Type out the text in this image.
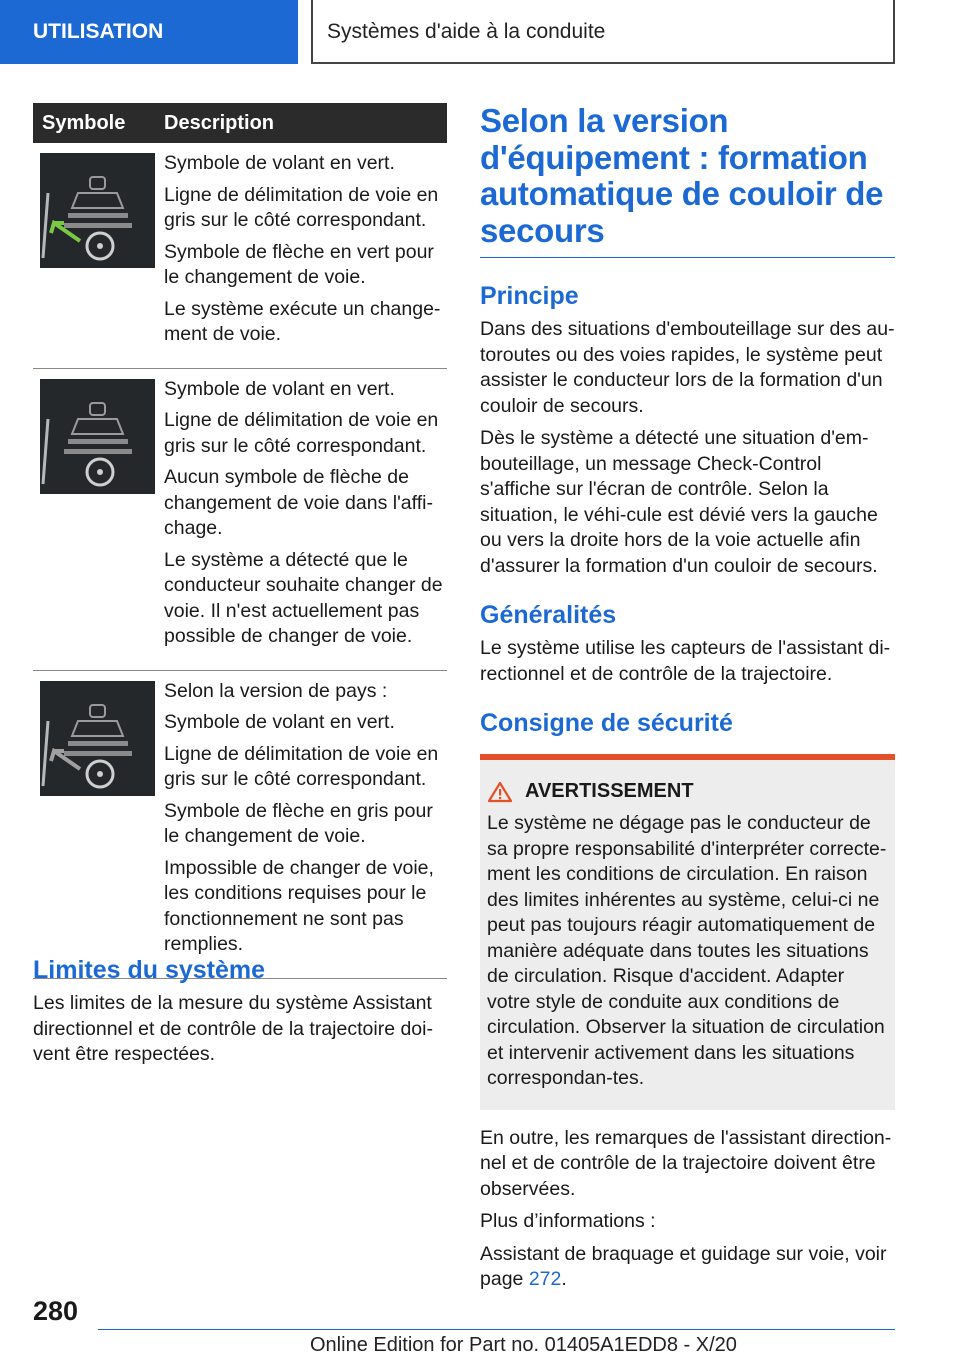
UTILISATION	Systèmes d'aide à la conduite
Symbole	Description

Symbole de volant en vert.

Ligne de délimitation de voie en gris sur le côté correspondant.

Symbole de flèche en vert pour le changement de voie.

Le système exécute un change-ment de voie.

Symbole de volant en vert.

Ligne de délimitation de voie en gris sur le côté correspondant.

Aucun symbole de flèche de changement de voie dans l'affi-chage.

Le système a détecté que le conducteur souhaite changer de voie. Il n'est actuellement pas possible de changer de voie.

Selon la version de pays :

Symbole de volant en vert.

Ligne de délimitation de voie en gris sur le côté correspondant.

Symbole de flèche en gris pour le changement de voie.

Impossible de changer de voie, les conditions requises pour le fonctionnement ne sont pas remplies.

Limites du système

Les limites de la mesure du système Assistant directionnel et de contrôle de la trajectoire doi-vent être respectées.

Selon la version d'équipement : formation automatique de couloir de secours
Principe

Dans des situations d'embouteillage sur des au-toroutes ou des voies rapides, le système peut assister le conducteur lors de la formation d'un couloir de secours.

Dès le système a détecté une situation d'em-bouteillage, un message Check-Control s'affiche sur l'écran de contrôle. Selon la situation, le véhi-cule est dévié vers la gauche ou vers la droite hors de la voie actuelle afin d'assurer la formation d'un couloir de secours.

Généralités

Le système utilise les capteurs de l'assistant di-rectionnel et de contrôle de la trajectoire.

Consigne de sécurité
AVERTISSEMENT

Le système ne dégage pas le conducteur de sa propre responsabilité d'interpréter correcte-ment les conditions de circulation. En raison des limites inhérentes au système, celui-ci ne peut pas toujours réagir automatiquement de manière adéquate dans toutes les situations de circulation. Risque d'accident. Adapter votre style de conduite aux conditions de circulation. Observer la situation de circulation et intervenir activement dans les situations correspondan-tes.

En outre, les remarques de l'assistant direction-nel et de contrôle de la trajectoire doivent être observées.

Plus d’informations :

Assistant de braquage et guidage sur voie, voir page 272.

280
Online Edition for Part no. 01405A1EDD8 - X/20
